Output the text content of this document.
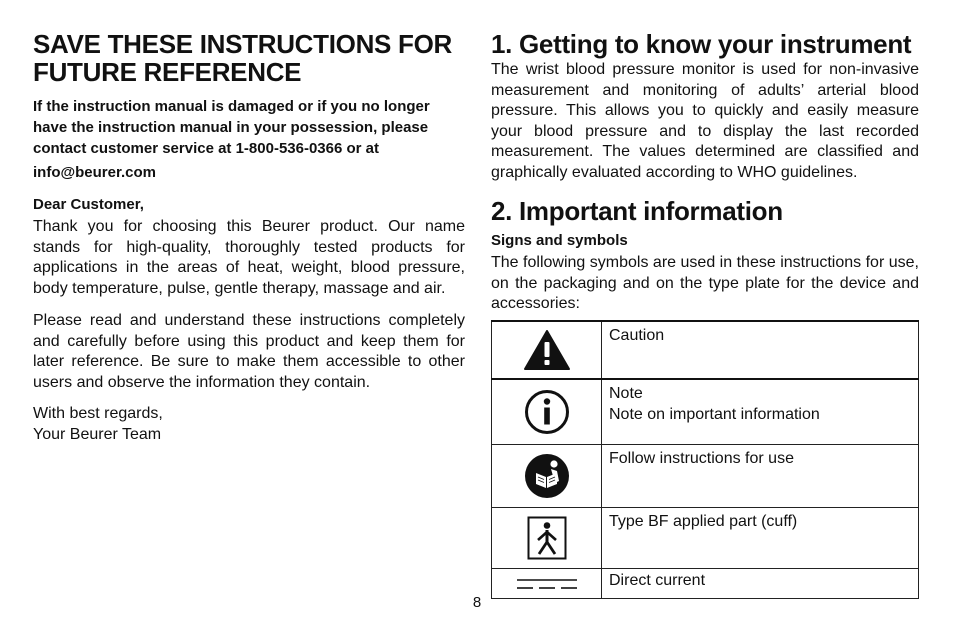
SAVE THESE INSTRUCTIONS FOR
FUTURE REFERENCE
If the instruction manual is damaged or if you no longer
have the instruction manual in your possession, please
contact customer service at 1-800-536-0366 or at
info@beurer.com
Dear Customer,
Thank you for choosing this Beurer product. Our name stands for high-quality, thoroughly tested products for applications in the areas of heat, weight, blood pressure, body temperature, pulse, gentle therapy, massage and air.
Please read and understand these instructions completely and carefully before using this product and keep them for later reference. Be sure to make them accessible to other users and observe the information they contain.
With best regards,
Your Beurer Team
1. Getting to know your instrument
The wrist blood pressure monitor is used for non-invasive measurement and monitoring of adults’ arterial blood pressure. This allows you to quickly and easily measure your blood pressure and to display the last recorded measurement. The values determined are classified and graphically evaluated according to WHO guidelines.
2. Important information
Signs and symbols
The following symbols are used in these instructions for use, on the packaging and on the type plate for the device and accessories:
	Caution

	Note
Note on important information

	Follow instructions for use

	Type BF applied part (cuff)

	Direct current
8
